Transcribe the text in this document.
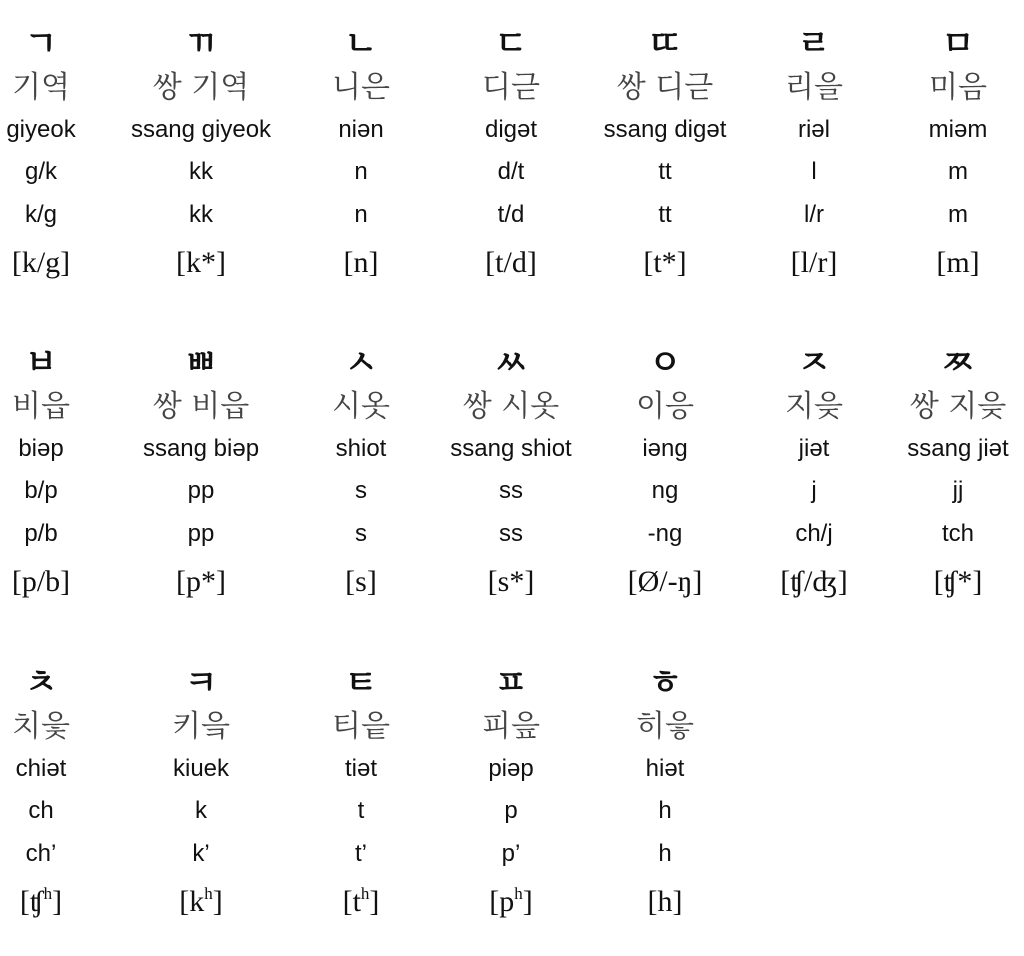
ㄱ
기역
giyeok
g/k
k/g
[k/g]
ㄲ
쌍 기역
ssang giyeok
kk
kk
[k*]
ㄴ
니은
niən
n
n
[n]
ㄷ
디귿
digət
d/t
t/d
[t/d]
ㄸ
쌍 디귿
ssang digət
tt
tt
[t*]
ㄹ
리을
riəl
l
l/r
[l/r]
ㅁ
미음
miəm
m
m
[m]
ㅂ
비읍
biəp
b/p
p/b
[p/b]
ㅃ
쌍 비읍
ssang biəp
pp
pp
[p*]
ㅅ
시옷
shiot
s
s
[s]
ㅆ
쌍 시옷
ssang shiot
ss
ss
[s*]
ㅇ
이응
iəng
ng
-ng
[Ø/-ŋ]
ㅈ
지읒
jiət
j
ch/j
[ʧ/ʤ]
ㅉ
쌍 지읒
ssang jiət
jj
tch
[ʧ*]
ㅊ
치읓
chiət
ch
ch’
[ʧ$^h$]
ㅋ
키읔
kiuek
k
k’
$[k^h]$
ㅌ
티읕
tiət
t
t’
$[t^h]$
ㅍ
피읖
piəp
p
p’
$[p^h]$
ㅎ
히읗
hiət
h
h
[h]
